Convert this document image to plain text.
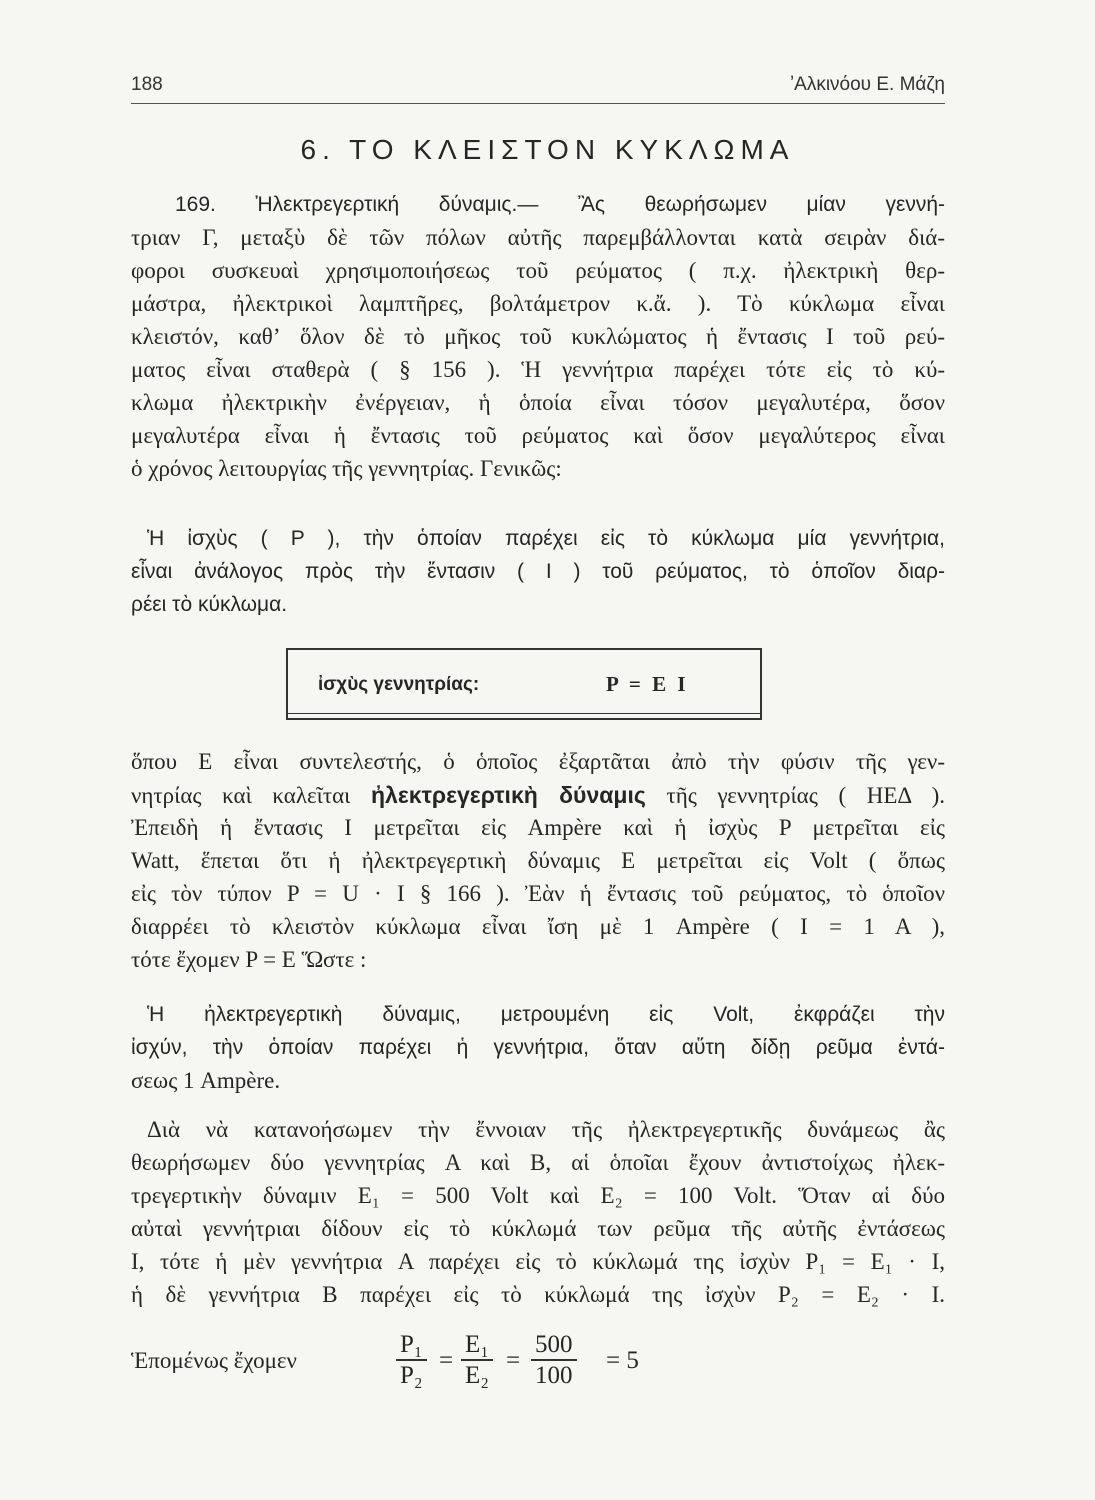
188	ʼΑλκινόου Ε. Μάζη
6. ΤΟ ΚΛΕΙΣΤΟΝ ΚΥΚΛΩΜΑ
169. Ἠλεκτρεγερτική δύναμις.— Ἂς θεωρήσωμεν μίαν γεννή-
τριαν Γ, μεταξὺ δὲ τῶν πόλων αὐτῆς παρεμβάλλονται κατὰ σειρὰν διά-
φοροι συσκευαὶ χρησιμοποιήσεως τοῦ ρεύματος ( π.χ. ἠλεκτρικὴ θερ-
μάστρα, ἠλεκτρικοὶ λαμπτῆρες, βολτάμετρον κ.ἄ. ). Τὸ κύκλωμα εἶναι
κλειστόν, καθʼ ὅλον δὲ τὸ μῆκος τοῦ κυκλώματος ἡ ἔντασις I τοῦ ρεύ-
ματος εἶναι σταθερὰ ( § 156 ). Ἡ γεννήτρια παρέχει τότε εἰς τὸ κύ-
κλωμα ἠλεκτρικὴν ἐνέργειαν, ἡ ὁποία εἶναι τόσον μεγαλυτέρα, ὅσον
μεγαλυτέρα εἶναι ἡ ἔντασις τοῦ ρεύματος καὶ ὅσον μεγαλύτερος εἶναι
ὁ χρόνος λειτουργίας τῆς γεννητρίας. Γενικῶς:
Ἡ ἰσχὺς ( P ), τὴν ὁποίαν παρέχει εἰς τὸ κύκλωμα μία γεννήτρια,
εἶναι ἀνάλογος πρὸς τὴν ἔντασιν ( I ) τοῦ ρεύματος, τὸ ὁποῖον διαρ-
ρέει τὸ κύκλωμα.
ἰσχὺς γεννητρίας:	P = E I
ὅπου E εἶναι συντελεστής, ὁ ὁποῖος ἐξαρτᾶται ἀπὸ τὴν φύσιν τῆς γεν-
νητρίας καὶ καλεῖται ἠλεκτρεγερτικὴ δύναμις τῆς γεννητρίας ( ΗΕΔ ).
Ἐπειδὴ ἡ ἔντασις I μετρεῖται εἰς Ampère καὶ ἡ ἰσχὺς P μετρεῖται εἰς
Watt, ἕπεται ὅτι ἡ ἠλεκτρεγερτικὴ δύναμις E μετρεῖται εἰς Volt ( ὅπως
εἰς τὸν τύπον P = U · I § 166 ). Ἐὰν ἡ ἔντασις τοῦ ρεύματος, τὸ ὁποῖον
διαρρέει τὸ κλειστὸν κύκλωμα εἶναι ἴση μὲ 1 Ampère ( I = 1 A ),
τότε ἔχομεν P = E Ὥστε :
Ἡ ἠλεκτρεγερτικὴ δύναμις, μετρουμένη εἰς Volt, ἐκφράζει τὴν
ἰσχύν, τὴν ὁποίαν παρέχει ἡ γεννήτρια, ὅταν αὕτη δίδῃ ρεῦμα ἐντά-
σεως 1 Ampère.
Διὰ νὰ κατανοήσωμεν τὴν ἔννοιαν τῆς ἠλεκτρεγερτικῆς δυνάμεως ἂς
θεωρήσωμεν δύο γεννητρίας A καὶ B, αἱ ὁποῖαι ἔχουν ἀντιστοίχως ἠλεκ-
τρεγερτικὴν δύναμιν E₁ = 500 Volt καὶ E₂ = 100 Volt. Ὅταν αἱ δύο
αὐταὶ γεννήτριαι δίδουν εἰς τὸ κύκλωμά των ρεῦμα τῆς αὐτῆς ἐντάσεως
I, τότε ἡ μὲν γεννήτρια A παρέχει εἰς τὸ κύκλωμά της ἰσχὺν P₁ = E₁ · I,
ἡ δὲ γεννήτρια B παρέχει εἰς τὸ κύκλωμά της ἰσχὺν P₂ = E₂ · I.
Ἑπομένως ἔχομεν	$\frac{\text{P₁}}{\text{P₂}} = \frac{\text{E₁}}{\text{E₂}} = \frac{500}{100} = 5$
